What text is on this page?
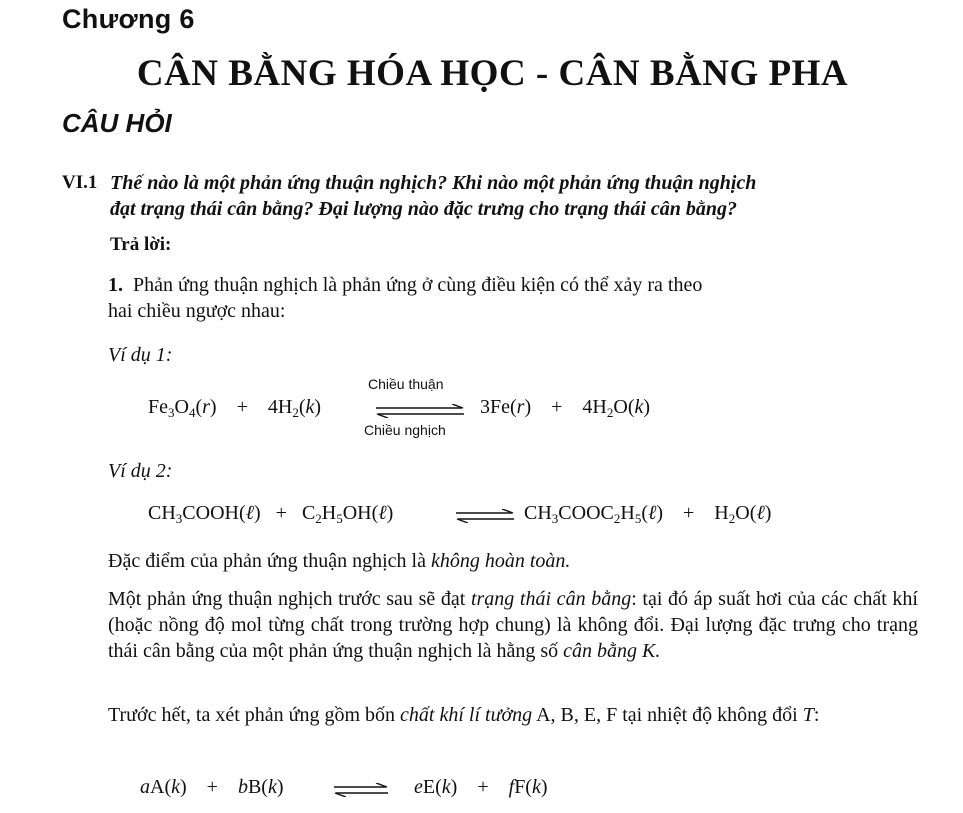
Chương 6
CÂN BẰNG HÓA HỌC - CÂN BẰNG PHA
CÂU HỎI
VI.1 Thế nào là một phản ứng thuận nghịch? Khi nào một phản ứng thuận nghịch
đạt trạng thái cân bằng? Đại lượng nào đặc trưng cho trạng thái cân bằng?
Trả lời:
1. Phản ứng thuận nghịch là phản ứng ở cùng điều kiện có thể xảy ra theo
hai chiều ngược nhau:
Ví dụ 1:
$Fe_3O_4(r) + 4H_2(k)$
Chiều thuận
Chiều nghịch
$3Fe(r) + 4H_2O(k)$
Ví dụ 2:
$CH_3COOH(\ell)$ + $C_2H_5OH(\ell)$	⇌ $CH_3COOC_2H_5(\ell)$ + $H_2O(\ell)$
Đặc điểm của phản ứng thuận nghịch là không hoàn toàn.
Một phản ứng thuận nghịch trước sau sẽ đạt trạng thái cân bằng: tại đó áp suất hơi của các chất khí (hoặc nồng độ mol từng chất trong trường hợp chung) là không đổi. Đại lượng đặc trưng cho trạng thái cân bằng của một phản ứng thuận nghịch là hằng số cân bằng K.
Trước hết, ta xét phản ứng gồm bốn chất khí lí tưởng A, B, E, F tại nhiệt độ không đổi T:
aA(k) + bB(k)	⇌ eE(k) + fF(k)
